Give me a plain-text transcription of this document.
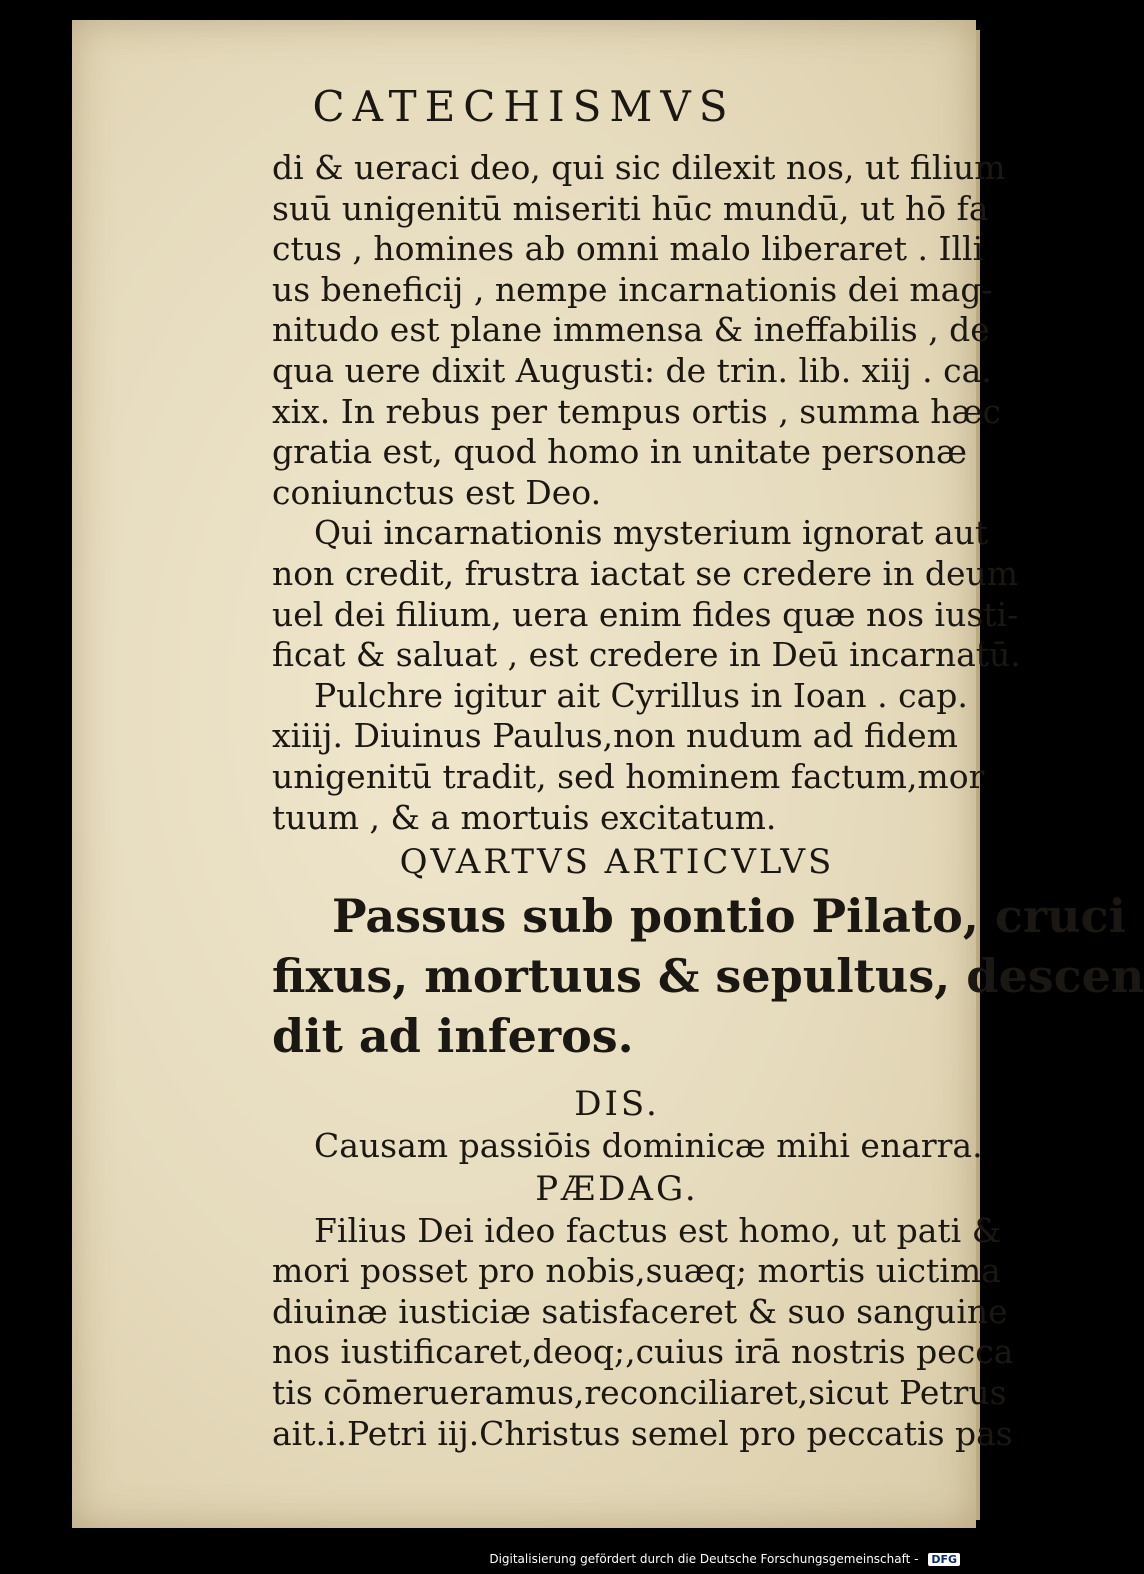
CATECHISMVS
di & ueraci deo, qui sic dilexit nos, ut filium
suū unigenitū miseriti hūc mundū, ut hō fa
ctus , homines ab omni malo liberaret . Illi
us beneficij , nempe incarnationis dei mag-
nitudo est plane immensa & ineffabilis , de
qua uere dixit Augusti: de trin. lib. xiij . ca.
xix. In rebus per tempus ortis , summa hæc
gratia est, quod homo in unitate personæ
coniunctus est Deo.
Qui incarnationis mysterium ignorat aut
non credit, frustra iactat se credere in deum
uel dei filium, uera enim fides quæ nos iusti-
ficat & saluat , est credere in Deū incarnatū.
Pulchre igitur ait Cyrillus in Ioan . cap.
xiiij. Diuinus Paulus,non nudum ad fidem
unigenitū tradit, sed hominem factum,mor
tuum , & a mortuis excitatum.
QVARTVS ARTICVLVS
Passus sub pontio Pilato, cruci
fixus, mortuus & sepultus, descen
dit ad inferos.
DIS.
Causam passiōis dominicæ mihi enarra.
PÆDAG.
Filius Dei ideo factus est homo, ut pati &
mori posset pro nobis,suæq; mortis uictima
diuinæ iusticiæ satisfaceret & suo sanguine
nos iustificaret,deoq;,cuius irā nostris pecca
tis cōmerueramus,reconciliaret,sicut Petrus
ait.i.Petri iij.Christus semel pro peccatis pas
Digitalisierung gefördert durch die Deutsche Forschungsgemeinschaft - DFG
